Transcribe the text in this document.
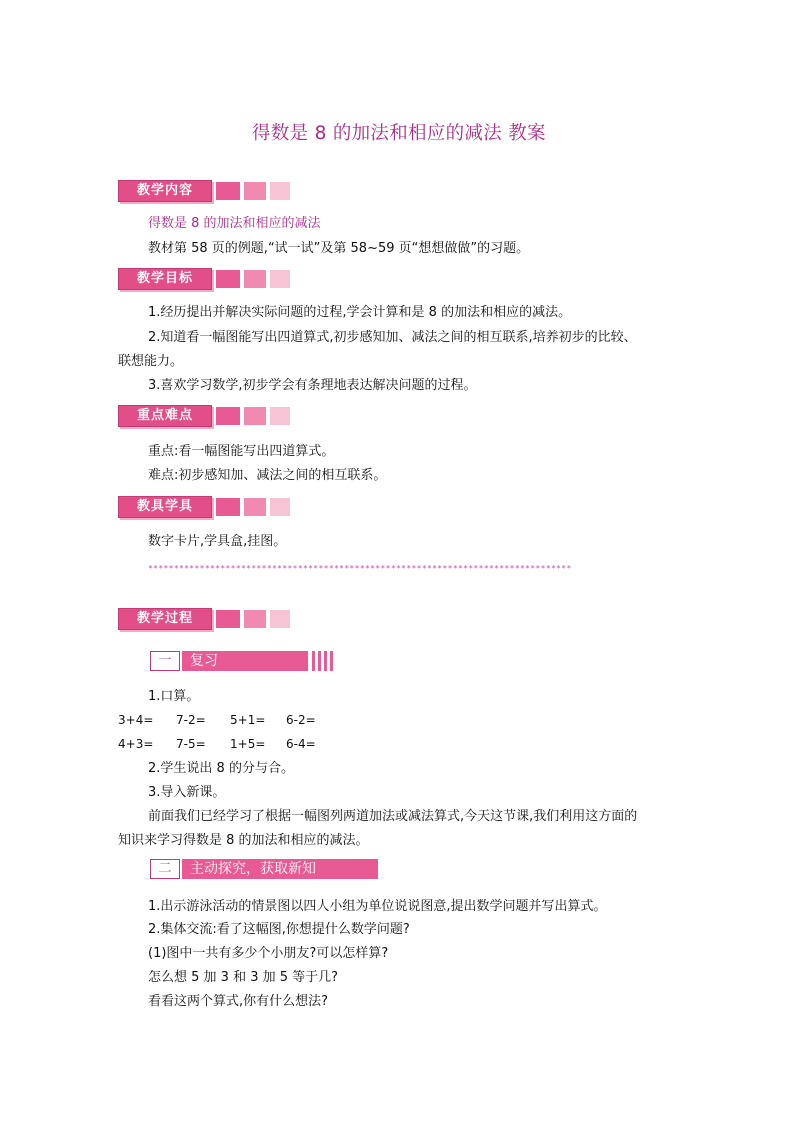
得数是 8 的加法和相应的减法 教案
教学内容
得数是 8 的加法和相应的减法
教材第 58 页的例题,“试一试”及第 58~59 页“想想做做”的习题。
教学目标
1.经历提出并解决实际问题的过程,学会计算和是 8 的加法和相应的减法。
2.知道看一幅图能写出四道算式,初步感知加、减法之间的相互联系,培养初步的比较、
联想能力。
3.喜欢学习数学,初步学会有条理地表达解决问题的过程。
重点难点
重点:看一幅图能写出四道算式。
难点:初步感知加、减法之间的相互联系。
教具学具
数字卡片,学具盒,挂图。
**********************************************************************************
教学过程
一	复习
1.口算。
3+4= 7-2= 5+1= 6-2=
4+3= 7-5= 1+5= 6-4=
2.学生说出 8 的分与合。
3.导入新课。
前面我们已经学习了根据一幅图列两道加法或减法算式,今天这节课,我们利用这方面的
知识来学习得数是 8 的加法和相应的减法。
二	主动探究，获取新知
1.出示游泳活动的情景图以四人小组为单位说说图意,提出数学问题并写出算式。
2.集体交流:看了这幅图,你想提什么数学问题?
(1)图中一共有多少个小朋友?可以怎样算?
怎么想 5 加 3 和 3 加 5 等于几?
看看这两个算式,你有什么想法?
